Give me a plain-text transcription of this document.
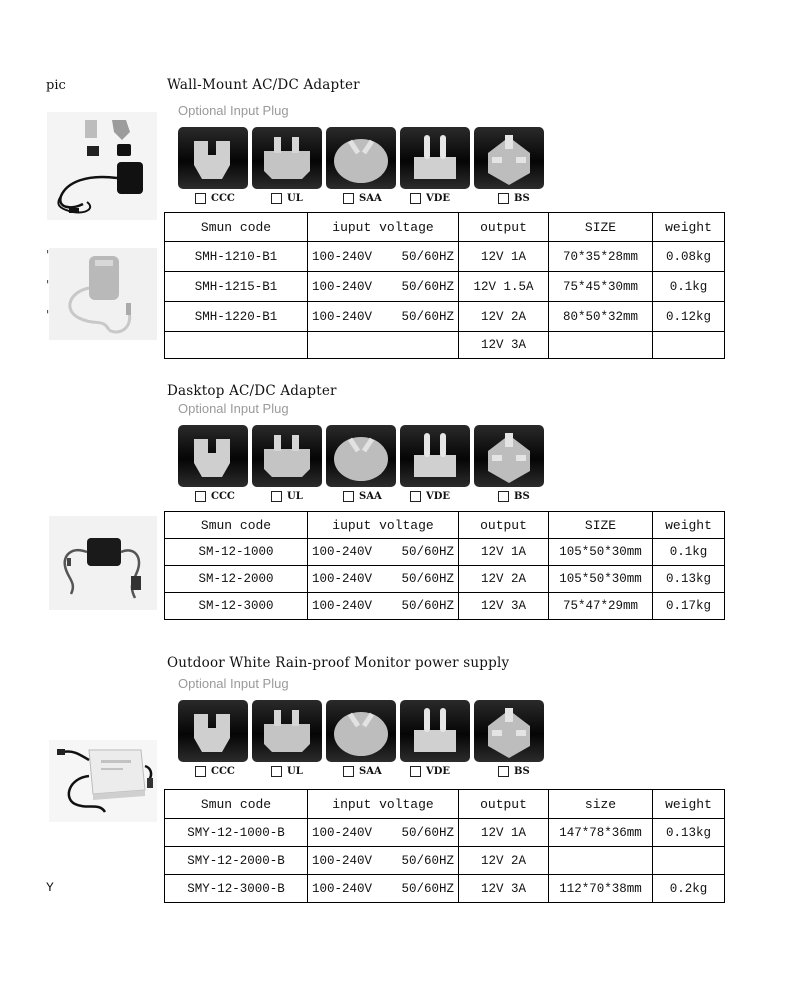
pic
'
'
'
Wall-Mount AC/DC Adapter
Optional Input Plug
CCC	UL	SAA	VDE	BS
Smun code	iuput voltage	output	SIZE	weight
SMH-1210-B1	100-240V 50/60HZ	12V 1A	70*35*28mm	0.08kg
SMH-1215-B1	100-240V 50/60HZ	12V 1.5A	75*45*30mm	0.1kg
SMH-1220-B1	100-240V 50/60HZ	12V 2A	80*50*32mm	0.12kg
		12V 3A		
Dasktop AC/DC Adapter
Optional Input Plug
CCC	UL	SAA	VDE	BS
Smun code	iuput voltage	output	SIZE	weight
SM-12-1000	100-240V 50/60HZ	12V 1A	105*50*30mm	0.1kg
SM-12-2000	100-240V 50/60HZ	12V 2A	105*50*30mm	0.13kg
SM-12-3000	100-240V 50/60HZ	12V 3A	75*47*29mm	0.17kg
Outdoor White Rain-proof Monitor power supply
Optional Input Plug
CCC	UL	SAA	VDE	BS
Y
Smun code	input voltage	output	size	weight
SMY-12-1000-B	100-240V 50/60HZ	12V 1A	147*78*36mm	0.13kg
SMY-12-2000-B	100-240V 50/60HZ	12V 2A		
SMY-12-3000-B	100-240V 50/60HZ	12V 3A	112*70*38mm	0.2kg
